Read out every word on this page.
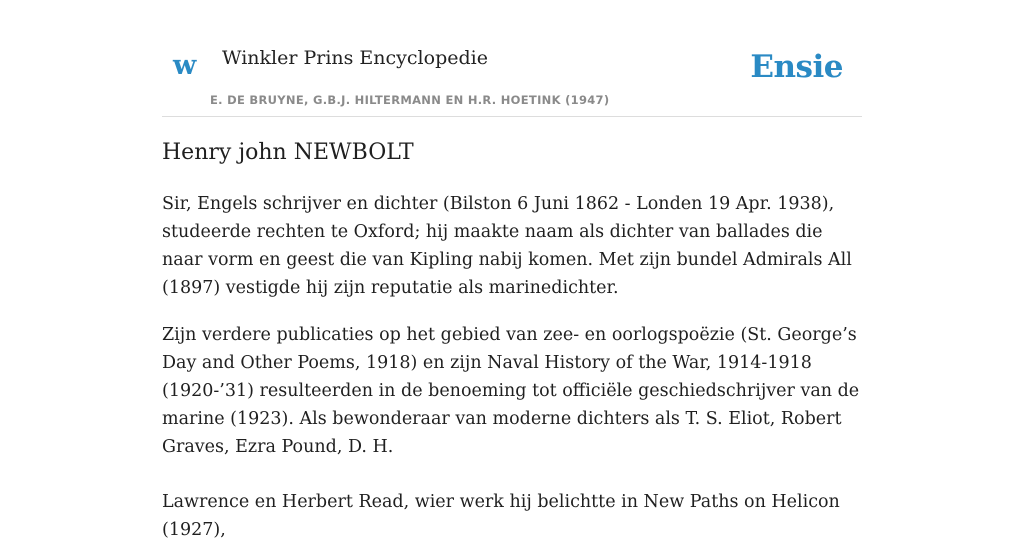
w Winkler Prins Encyclopedie
E. DE BRUYNE, G.B.J. HILTERMANN EN H.R. HOETINK (1947)
Ensie
Henry john NEWBOLT

Sir, Engels schrijver en dichter (Bilston 6 Juni 1862 - Londen 19 Apr. 1938), studeerde rechten te Oxford; hij maakte naam als dichter van ballades die naar vorm en geest die van Kipling nabij komen. Met zijn bundel Admirals All (1897) vestigde hij zijn reputatie als marinedichter.

Zijn verdere publicaties op het gebied van zee- en oorlogspoëzie (St. George’s Day and Other Poems, 1918) en zijn Naval History of the War, 1914-1918 (1920-’31) resulteerden in de benoeming tot officiële geschiedschrijver van de marine (1923). Als bewonderaar van moderne dichters als T. S. Eliot, Robert Graves, Ezra Pound, D. H.

Lawrence en Herbert Read, wier werk hij belichtte in New Paths on Helicon (1927),
